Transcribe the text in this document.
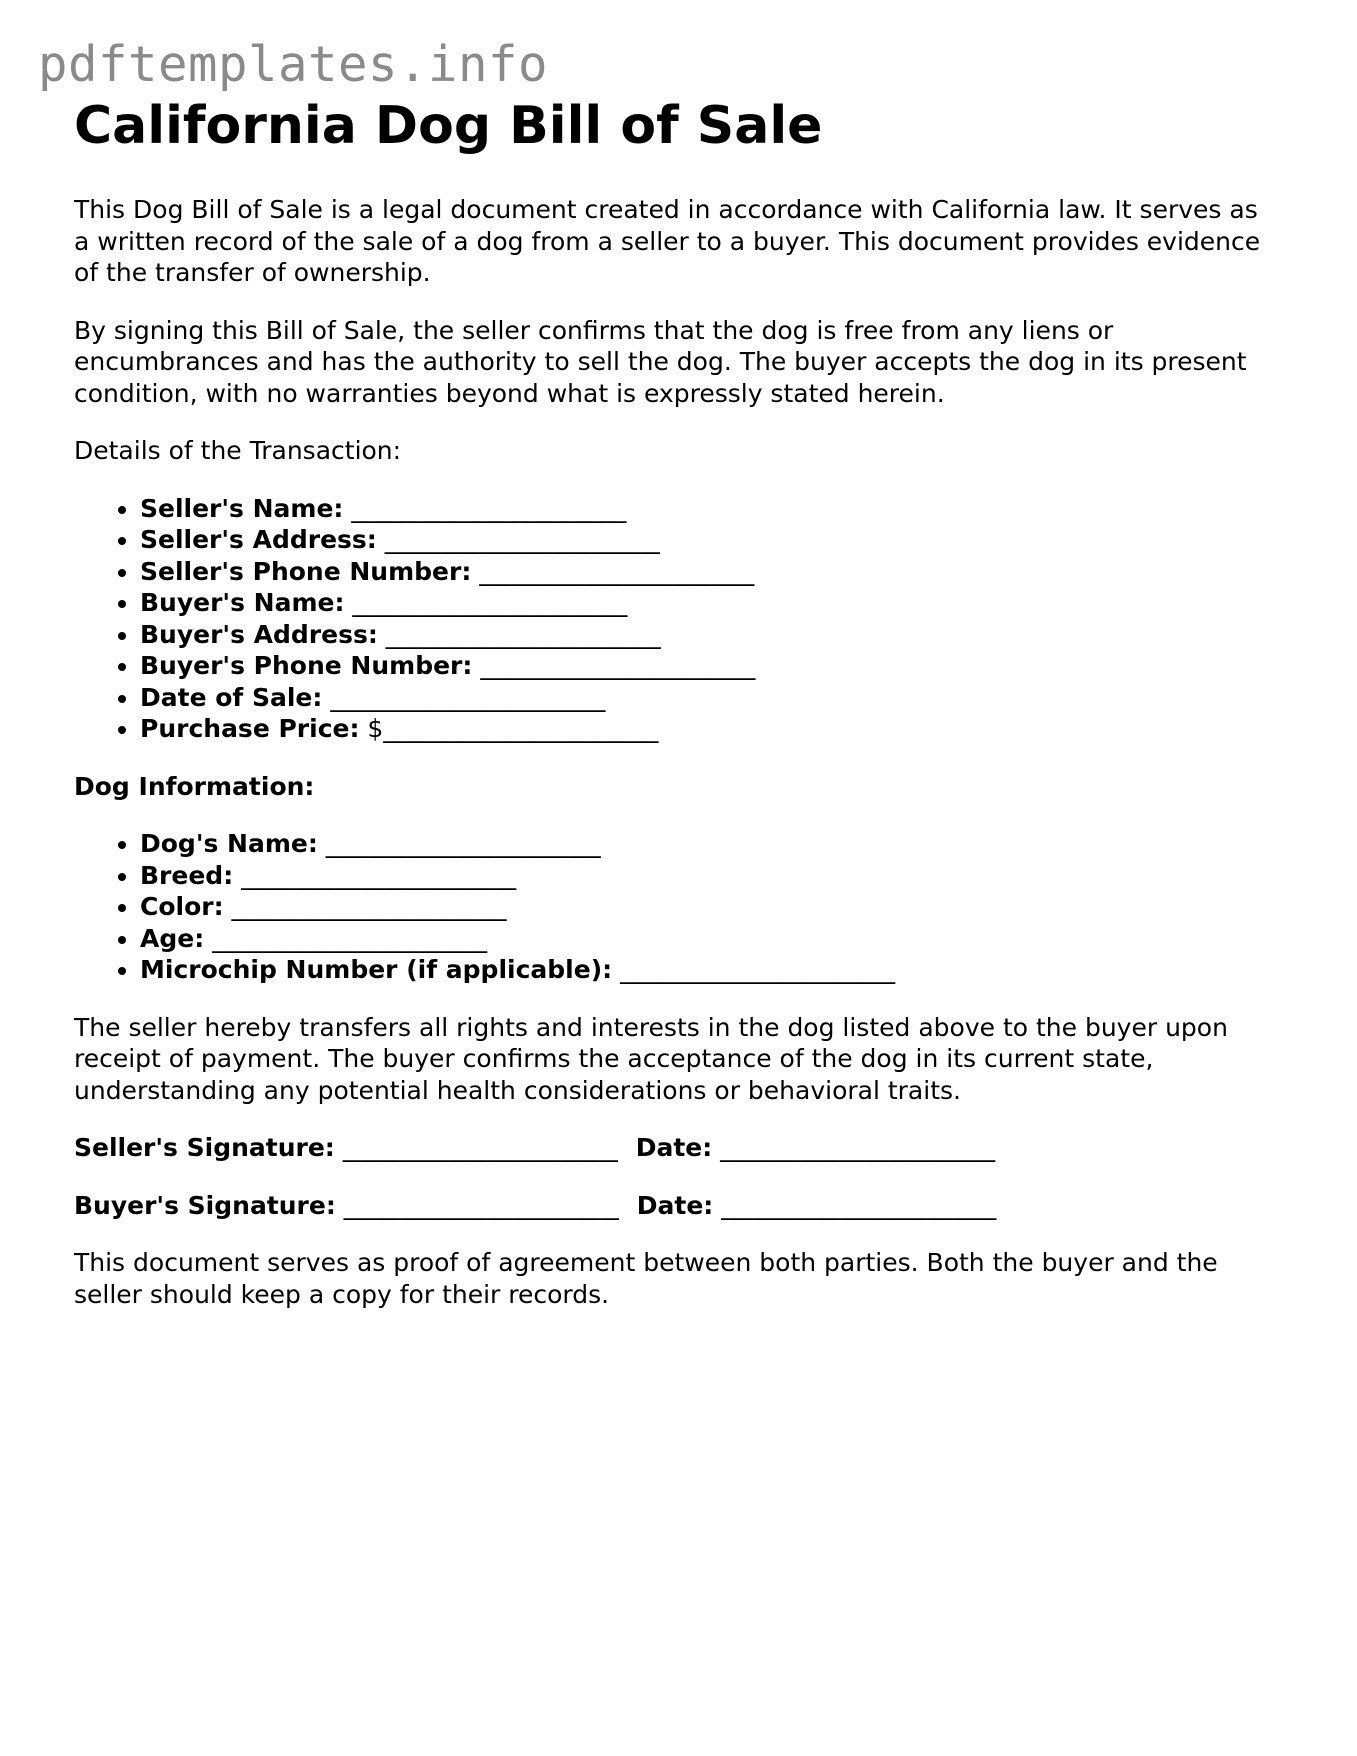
pdftemplates.info
California Dog Bill of Sale

This Dog Bill of Sale is a legal document created in accordance with California law. It serves as a written record of the sale of a dog from a seller to a buyer. This document provides evidence of the transfer of ownership.

By signing this Bill of Sale, the seller confirms that the dog is free from any liens or encumbrances and has the authority to sell the dog. The buyer accepts the dog in its present condition, with no warranties beyond what is expressly stated herein.

Details of the Transaction:

• Seller's Name: ______________________
• Seller's Address: ______________________
• Seller's Phone Number: ______________________
• Buyer's Name: ______________________
• Buyer's Address: ______________________
• Buyer's Phone Number: ______________________
• Date of Sale: ______________________
• Purchase Price: $______________________

Dog Information:

• Dog's Name: ______________________
• Breed: ______________________
• Color: ______________________
• Age: ______________________
• Microchip Number (if applicable): ______________________

The seller hereby transfers all rights and interests in the dog listed above to the buyer upon receipt of payment. The buyer confirms the acceptance of the dog in its current state, understanding any potential health considerations or behavioral traits.

Seller's Signature: ______________________ Date: ______________________
Buyer's Signature: ______________________ Date: ______________________

This document serves as proof of agreement between both parties. Both the buyer and the seller should keep a copy for their records.
